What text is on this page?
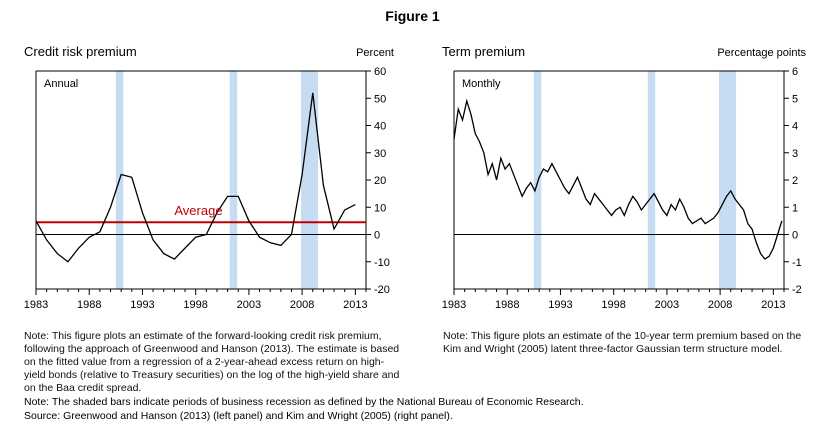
Figure 1
Credit risk premium	Percent
-20
-10
0
10
20
30
40
50
60
1983	1988	1993	1998	2003	2008	2013
Annual
Average
Term premium	Percentage points
-2
-1
0
1
2
3
4
5
6
1983	1988	1993	1998	2003	2008	2013
Monthly
Note: This figure plots an estimate of the forward-looking credit risk premium, following the approach of Greenwood and Hanson (2013). The estimate is based on the fitted value from a regression of a 2-year-ahead excess return on high-yield bonds (relative to Treasury securities) on the log of the high-yield share and on the Baa credit spread.
Note: This figure plots an estimate of the 10-year term premium based on the Kim and Wright (2005) latent three-factor Gaussian term structure model.
Note: The shaded bars indicate periods of business recession as defined by the National Bureau of Economic Research.
Source: Greenwood and Hanson (2013) (left panel) and Kim and Wright (2005) (right panel).
